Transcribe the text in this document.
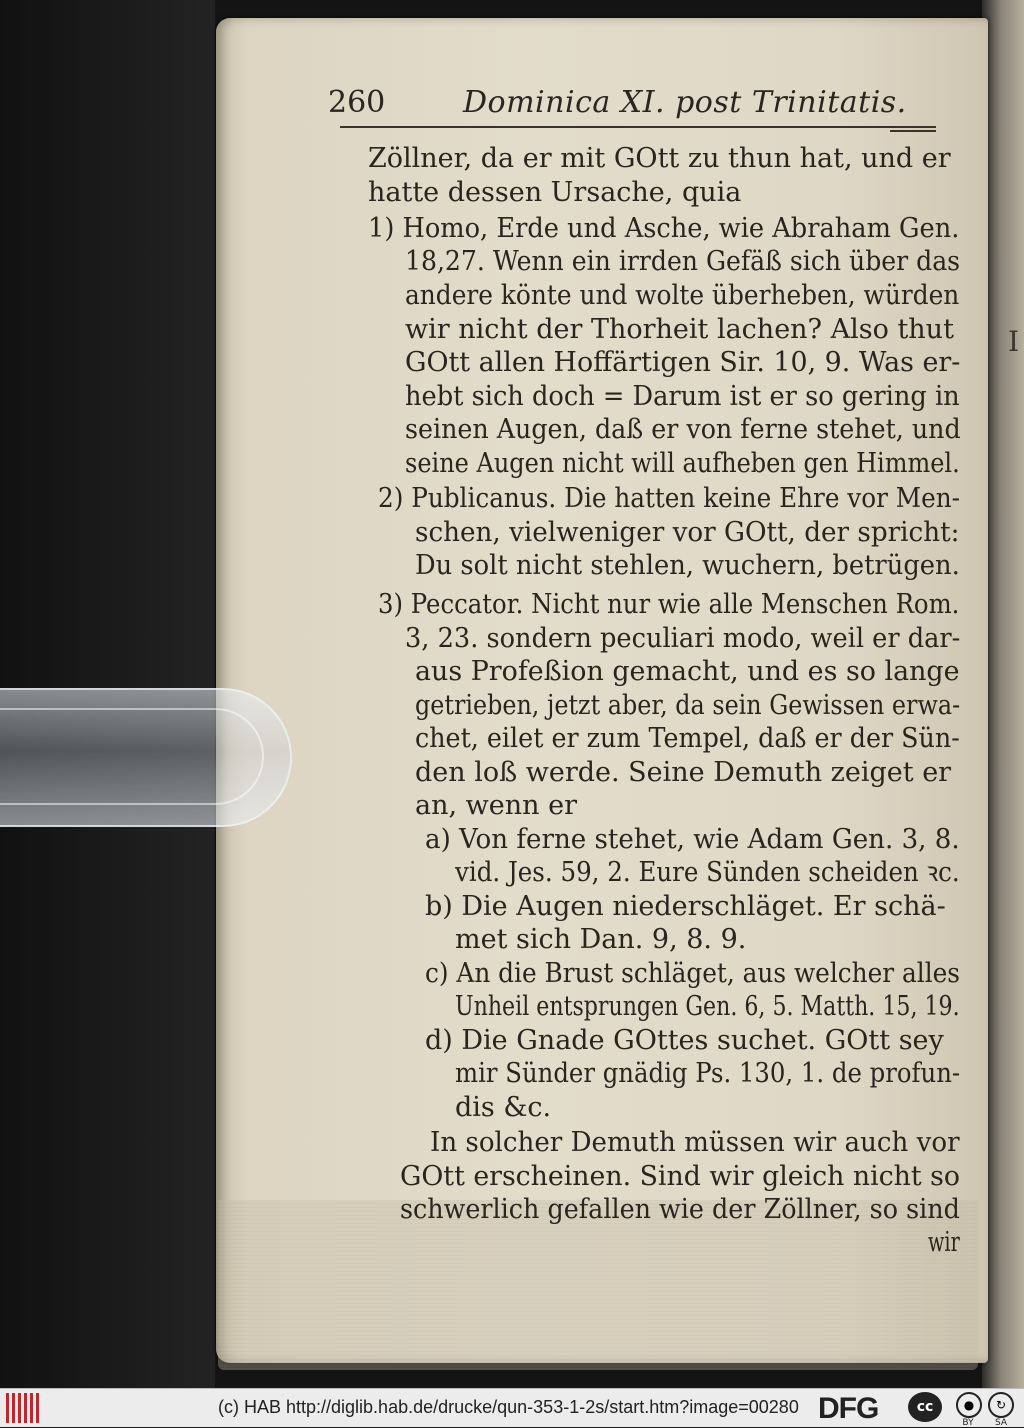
I
260	Dominica XI. post Trinitatis.
Zöllner, da er mit GOtt zu thun hat, und er
hatte dessen Ursache, quia
1) Homo, Erde und Asche, wie Abraham Gen.
18,27. Wenn ein irrden Gefäß sich über das
andere könte und wolte überheben, würden
wir nicht der Thorheit lachen? Also thut
GOtt allen Hoffärtigen Sir. 10, 9. Was er-
hebt sich doch = Darum ist er so gering in
seinen Augen, daß er von ferne stehet, und
seine Augen nicht will aufheben gen Himmel.
2) Publicanus. Die hatten keine Ehre vor Men-
schen, vielweniger vor GOtt, der spricht:
Du solt nicht stehlen, wuchern, betrügen.
3) Peccator. Nicht nur wie alle Menschen Rom.
3, 23. sondern peculiari modo, weil er dar-
aus Profeßion gemacht, und es so lange
getrieben, jetzt aber, da sein Gewissen erwa-
chet, eilet er zum Tempel, daß er der Sün-
den loß werde. Seine Demuth zeiget er
an, wenn er
a) Von ferne stehet, wie Adam Gen. 3, 8.
vid. Jes. 59, 2. Eure Sünden scheiden ꝛc.
b) Die Augen niederschläget. Er schä-
met sich Dan. 9, 8. 9.
c) An die Brust schläget, aus welcher alles
Unheil entsprungen Gen. 6, 5. Matth. 15, 19.
d) Die Gnade GOttes suchet. GOtt sey
mir Sünder gnädig Ps. 130, 1. de profun-
dis &c.
In solcher Demuth müssen wir auch vor
GOtt erscheinen. Sind wir gleich nicht so
schwerlich gefallen wie der Zöllner, so sind
wir
(c) HAB http://diglib.hab.de/drucke/qun-353-1-2s/start.htm?image=00280 DFG	cc	●
BY
↻
SA
